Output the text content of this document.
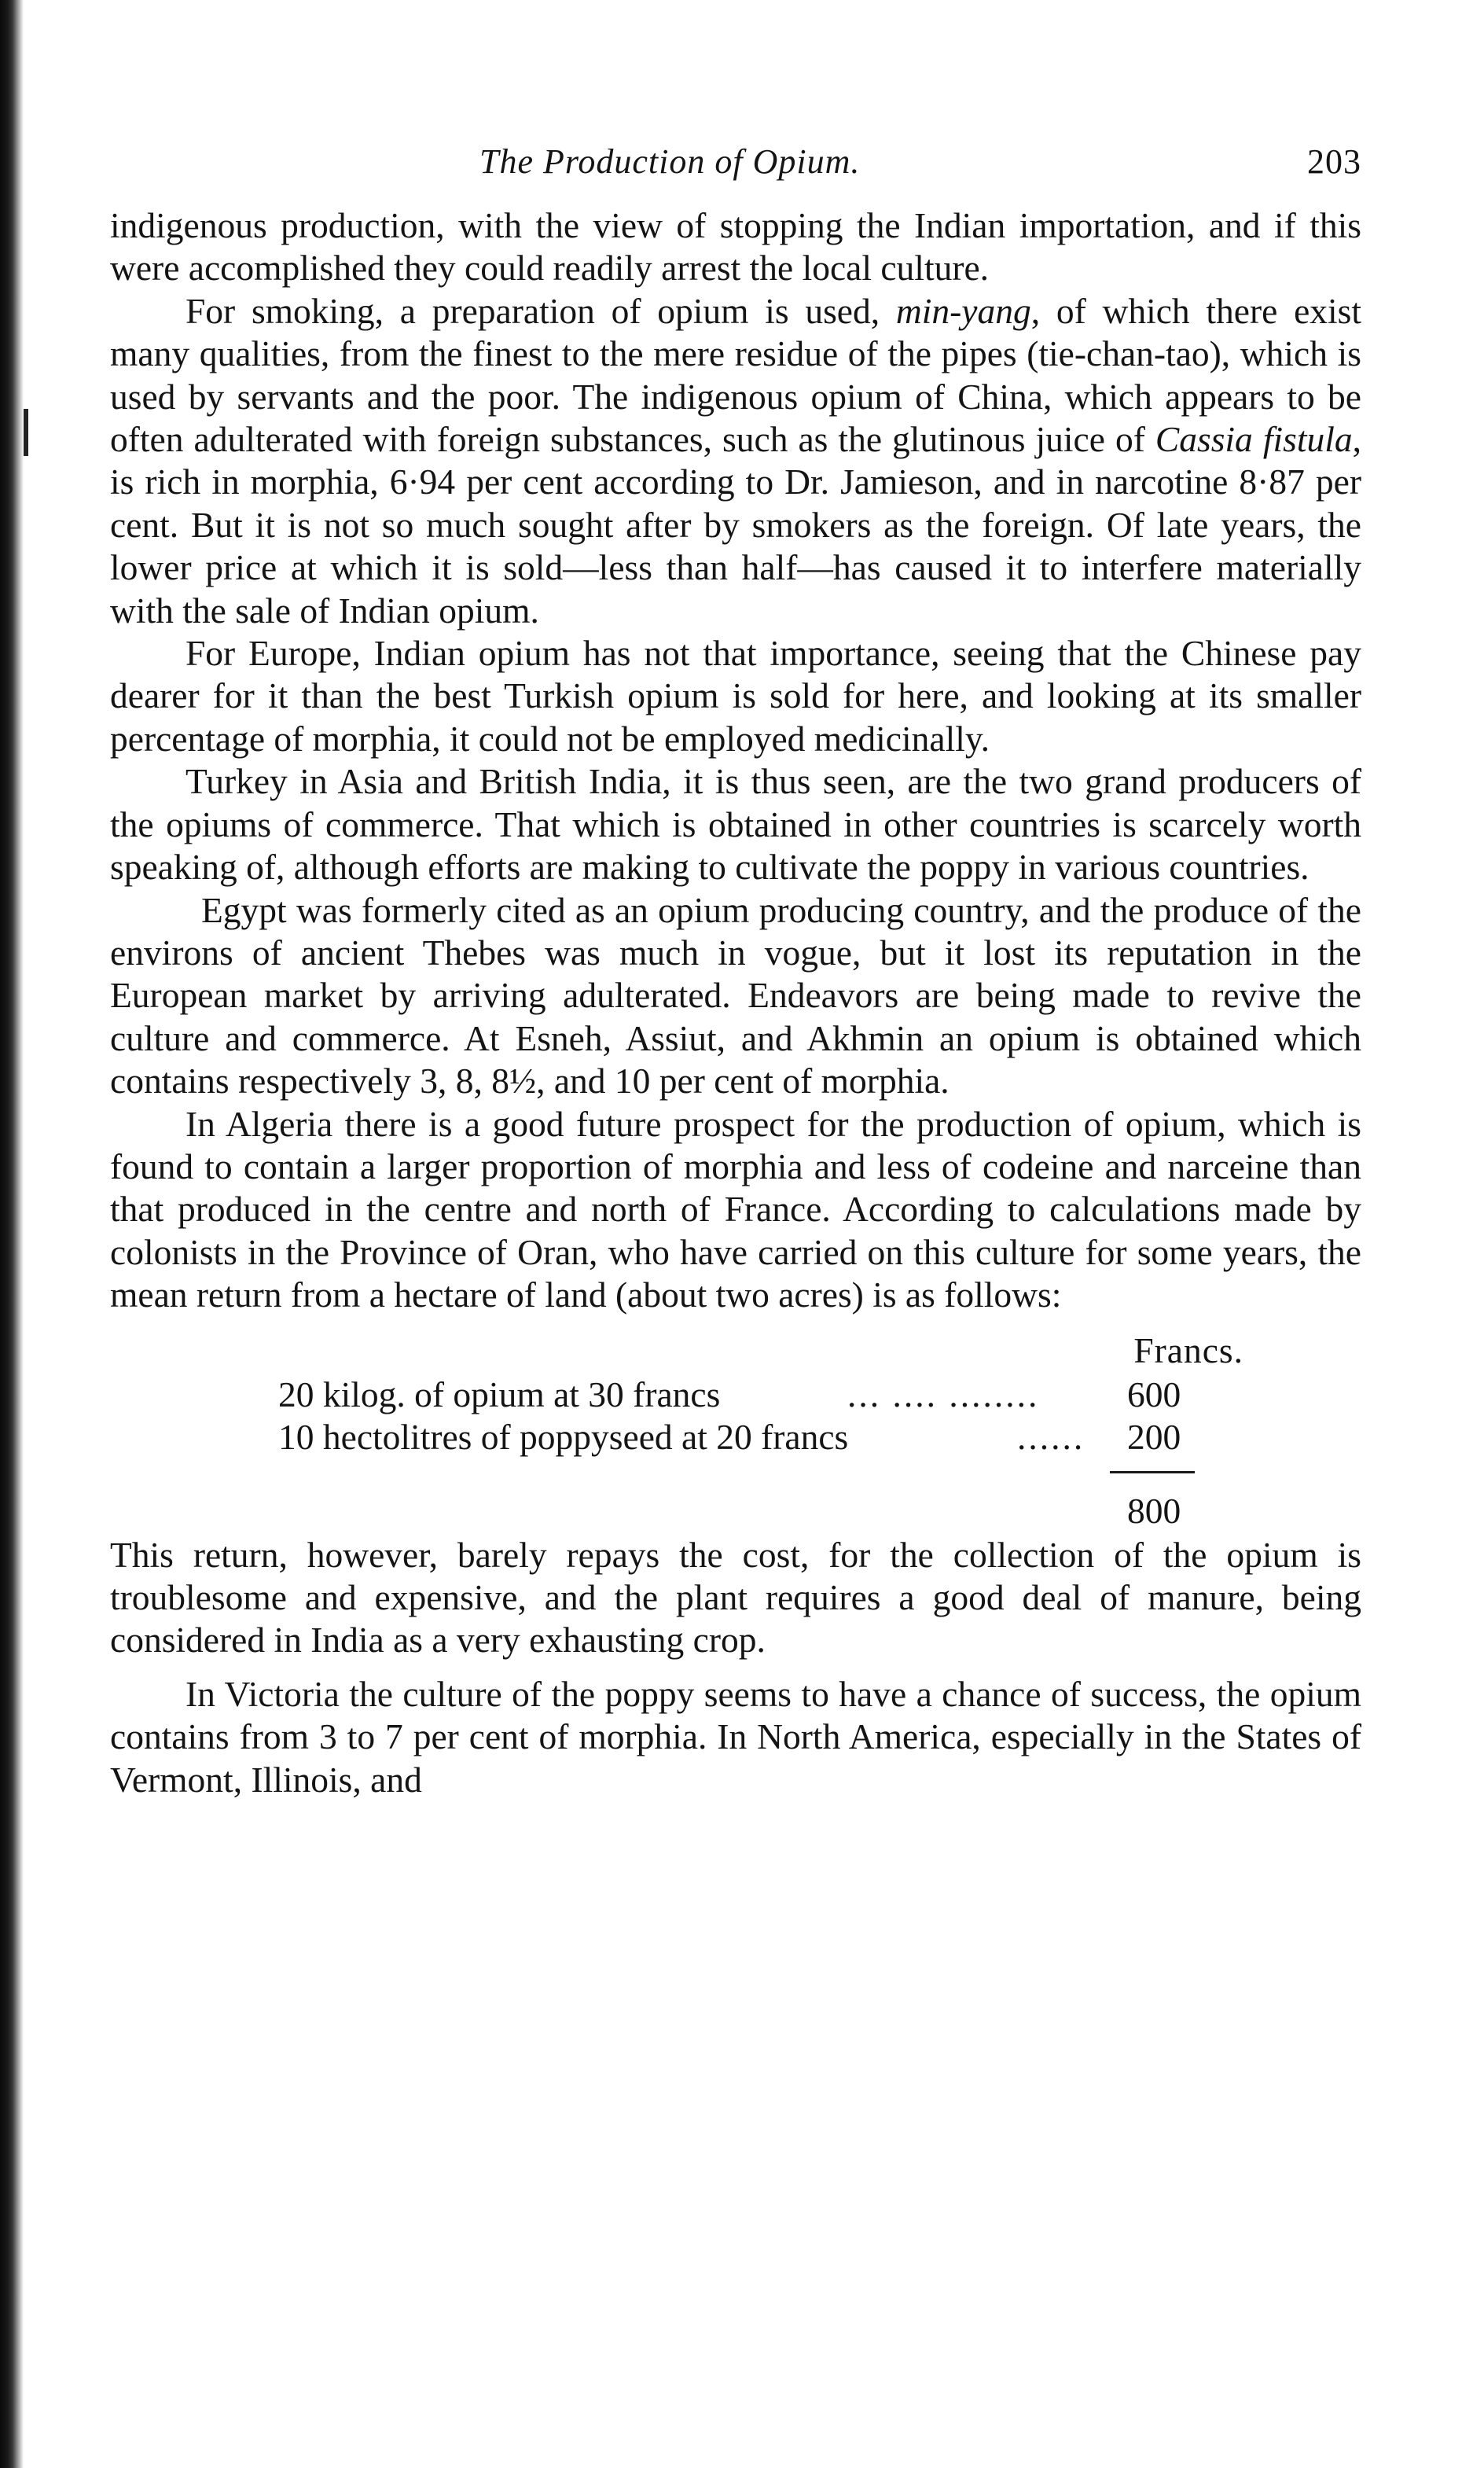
The Production of Opium.	203

indigenous production, with the view of stopping the Indian importation, and if this were accomplished they could readily arrest the local culture.

For smoking, a preparation of opium is used, min-yang, of which there exist many qualities, from the finest to the mere residue of the pipes (tie-chan-tao), which is used by servants and the poor. The indigenous opium of China, which appears to be often adulterated with foreign substances, such as the glutinous juice of Cassia fistula, is rich in morphia, 6·94 per cent according to Dr. Jamieson, and in narcotine 8·87 per cent. But it is not so much sought after by smokers as the foreign. Of late years, the lower price at which it is sold—less than half—has caused it to interfere materially with the sale of Indian opium.

For Europe, Indian opium has not that importance, seeing that the Chinese pay dearer for it than the best Turkish opium is sold for here, and looking at its smaller percentage of morphia, it could not be employed medicinally.

Turkey in Asia and British India, it is thus seen, are the two grand producers of the opiums of commerce. That which is obtained in other countries is scarcely worth speaking of, although efforts are making to cultivate the poppy in various countries.

Egypt was formerly cited as an opium producing country, and the produce of the environs of ancient Thebes was much in vogue, but it lost its reputation in the European market by arriving adulterated. Endeavors are being made to revive the culture and commerce. At Esneh, Assiut, and Akhmin an opium is obtained which contains respectively 3, 8, 8½, and 10 per cent of morphia.

In Algeria there is a good future prospect for the production of opium, which is found to contain a larger proportion of morphia and less of codeine and narceine than that produced in the centre and north of France. According to calculations made by colonists in the Province of Oran, who have carried on this culture for some years, the mean return from a hectare of land (about two acres) is as follows:

Francs.
20 kilog. of opium at 30 francs	... .... ........ 600
10 hectolitres of poppyseed at 20 francs	...... 200
800

This return, however, barely repays the cost, for the collection of the opium is troublesome and expensive, and the plant requires a good deal of manure, being considered in India as a very exhausting crop.

In Victoria the culture of the poppy seems to have a chance of success, the opium contains from 3 to 7 per cent of morphia. In North America, especially in the States of Vermont, Illinois, and
